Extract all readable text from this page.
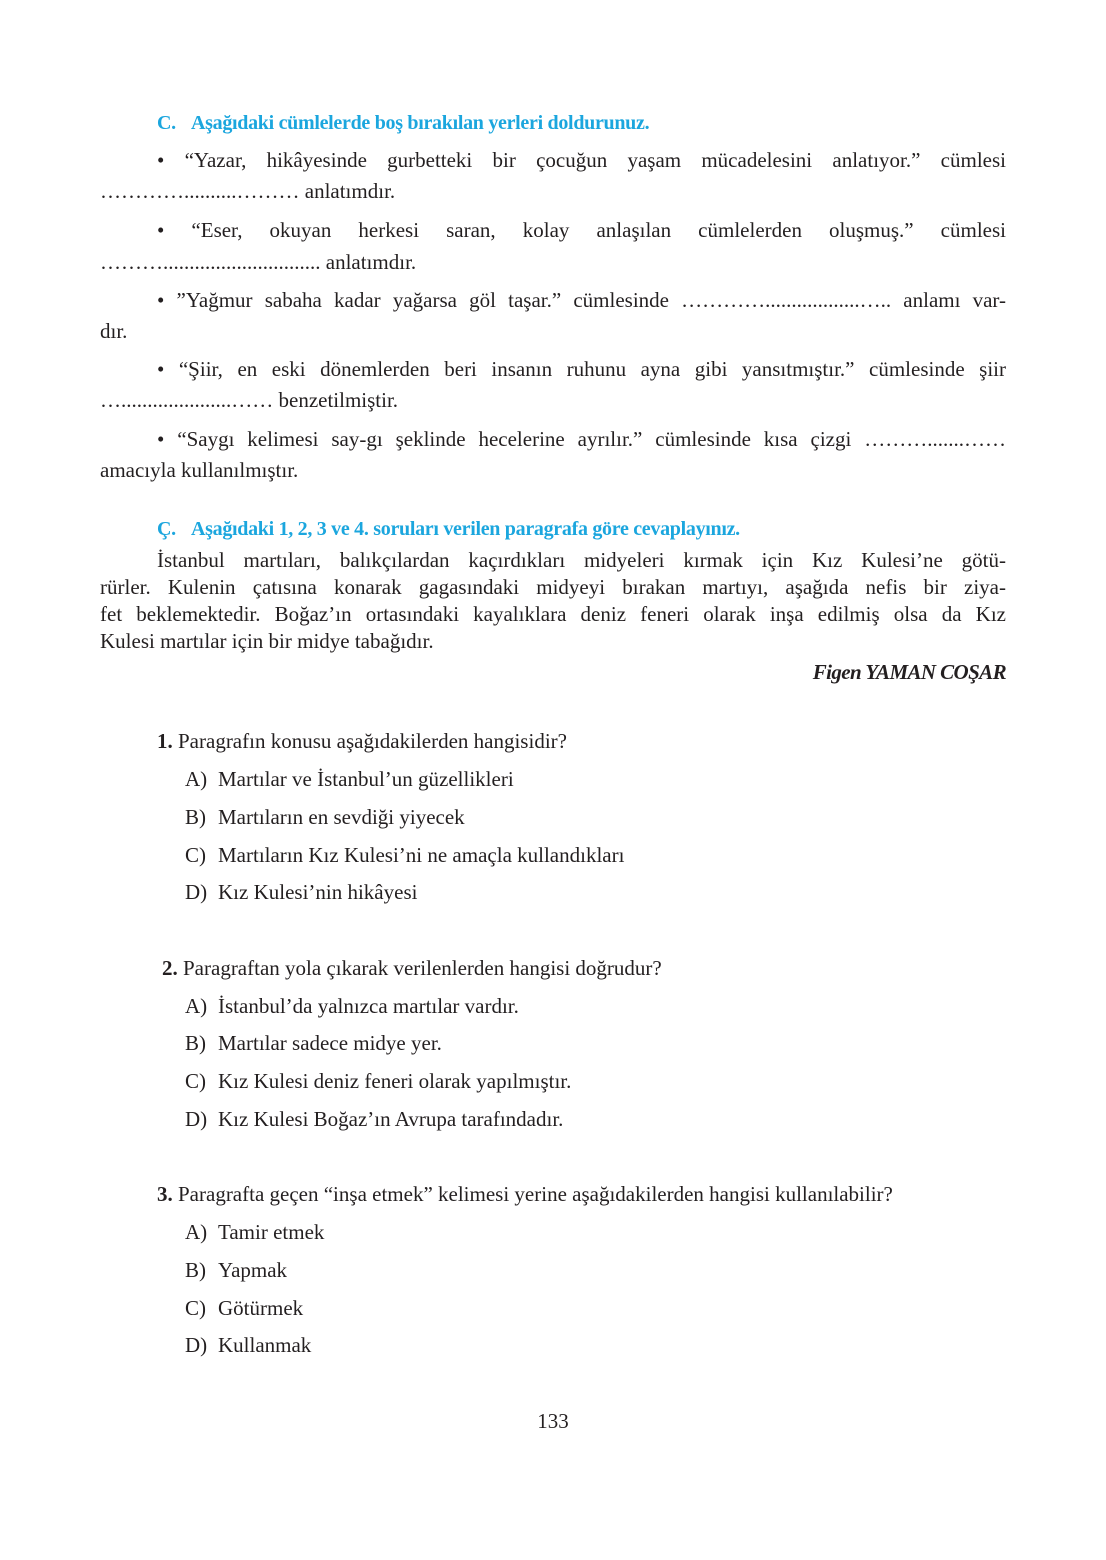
C. Aşağıdaki cümlelerde boş bırakılan yerleri doldurunuz.
• “Yazar, hikâyesinde gurbetteki bir çocuğun yaşam mücadelesini anlatıyor.” cümlesi
…………..........……… anlatımdır.
• “Eser, okuyan herkesi saran, kolay anlaşılan cümlelerden oluşmuş.” cümlesi
……….............................. anlatımdır.
• ”Yağmur sabaha kadar yağarsa göl taşar.” cümlesinde …………..................….. anlamı var-
dır.
• “Şiir, en eski dönemlerden beri insanın ruhunu ayna gibi yansıtmıştır.” cümlesinde şiir
….....................…… benzetilmiştir.
• “Saygı kelimesi say-gı şeklinde hecelerine ayrılır.” cümlesinde kısa çizgi ……….......……
amacıyla kullanılmıştır.
Ç. Aşağıdaki 1, 2, 3 ve 4. soruları verilen paragrafa göre cevaplayınız.
İstanbul martıları, balıkçılardan kaçırdıkları midyeleri kırmak için Kız Kulesi’ne götü-
rürler. Kulenin çatısına konarak gagasındaki midyeyi bırakan martıyı, aşağıda nefis bir ziya-
fet beklemektedir. Boğaz’ın ortasındaki kayalıklara deniz feneri olarak inşa edilmiş olsa da Kız
Kulesi martılar için bir midye tabağıdır.
Figen YAMAN COŞAR
1. Paragrafın konusu aşağıdakilerden hangisidir?
A) Martılar ve İstanbul’un güzellikleri
B) Martıların en sevdiği yiyecek
C) Martıların Kız Kulesi’ni ne amaçla kullandıkları
D) Kız Kulesi’nin hikâyesi
2. Paragraftan yola çıkarak verilenlerden hangisi doğrudur?
A) İstanbul’da yalnızca martılar vardır.
B) Martılar sadece midye yer.
C) Kız Kulesi deniz feneri olarak yapılmıştır.
D) Kız Kulesi Boğaz’ın Avrupa tarafındadır.
3. Paragrafta geçen “inşa etmek” kelimesi yerine aşağıdakilerden hangisi kullanılabilir?
A) Tamir etmek
B) Yapmak
C) Götürmek
D) Kullanmak
133
